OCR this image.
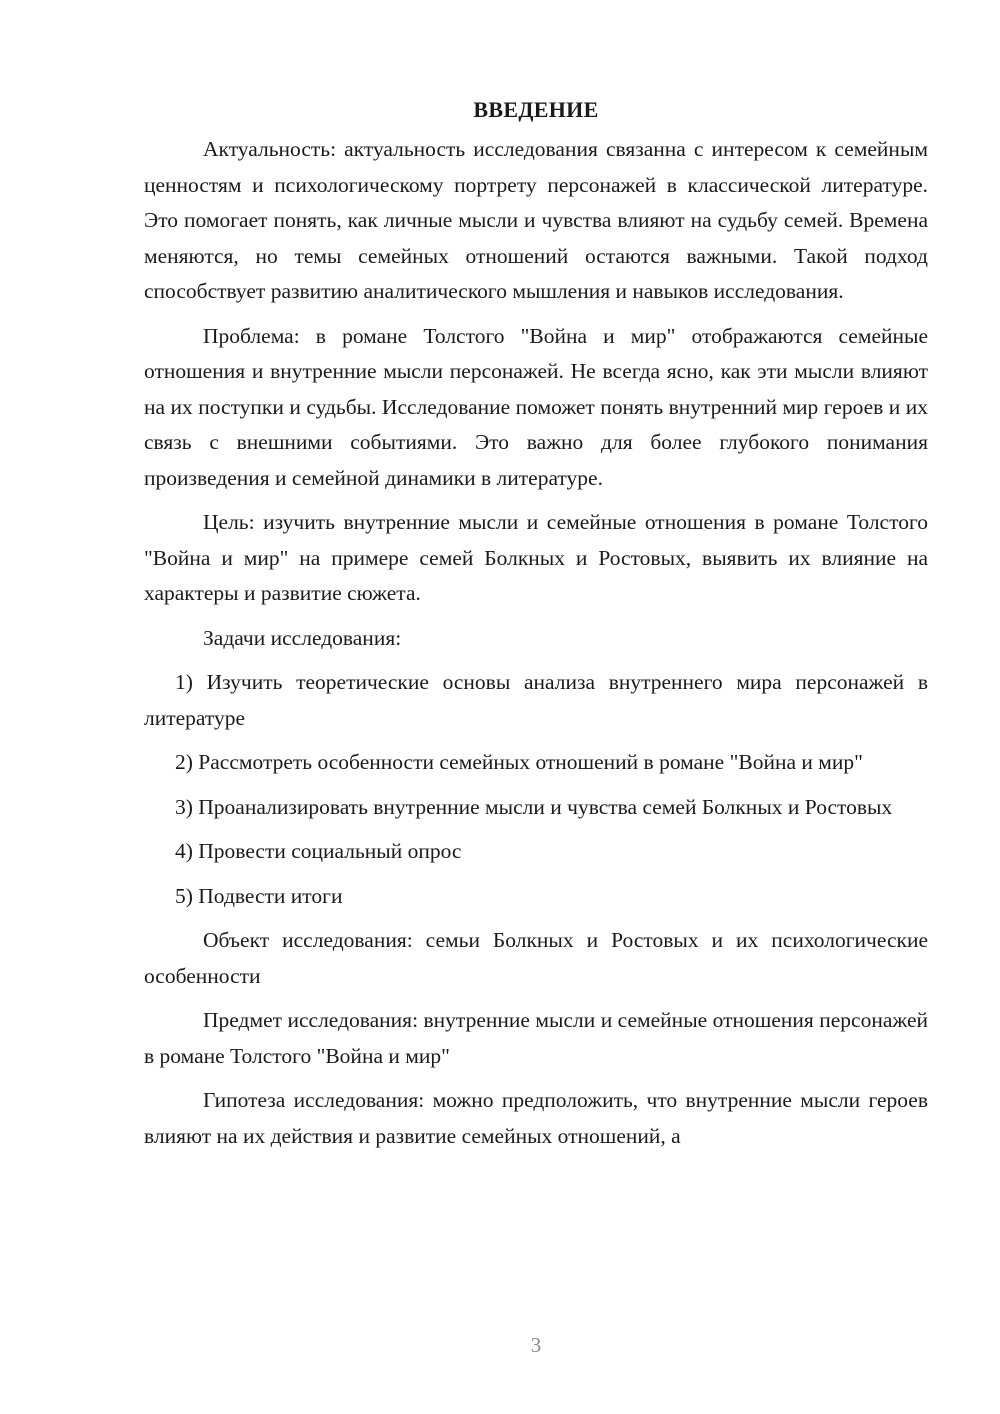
ВВЕДЕНИЕ

Актуальность: актуальность исследования связанна с интересом к семейным ценностям и психологическому портрету персонажей в классической литературе. Это помогает понять, как личные мысли и чувства влияют на судьбу семей. Времена меняются, но темы семейных отношений остаются важными. Такой подход способствует развитию аналитического мышления и навыков исследования.

Проблема: в романе Толстого "Война и мир" отображаются семейные отношения и внутренние мысли персонажей. Не всегда ясно, как эти мысли влияют на их поступки и судьбы. Исследование поможет понять внутренний мир героев и их связь с внешними событиями. Это важно для более глубокого понимания произведения и семейной динамики в литературе.

Цель: изучить внутренние мысли и семейные отношения в романе Толстого "Война и мир" на примере семей Болкных и Ростовых, выявить их влияние на характеры и развитие сюжета.

Задачи исследования:

1) Изучить теоретические основы анализа внутреннего мира персонажей в литературе

2) Рассмотреть особенности семейных отношений в романе "Война и мир"

3) Проанализировать внутренние мысли и чувства семей Болкных и Ростовых

4) Провести социальный опрос

5) Подвести итоги

Объект исследования: семьи Болкных и Ростовых и их психологические особенности

Предмет исследования: внутренние мысли и семейные отношения персонажей в романе Толстого "Война и мир"

Гипотеза исследования: можно предположить, что внутренние мысли героев влияют на их действия и развитие семейных отношений, а

3
